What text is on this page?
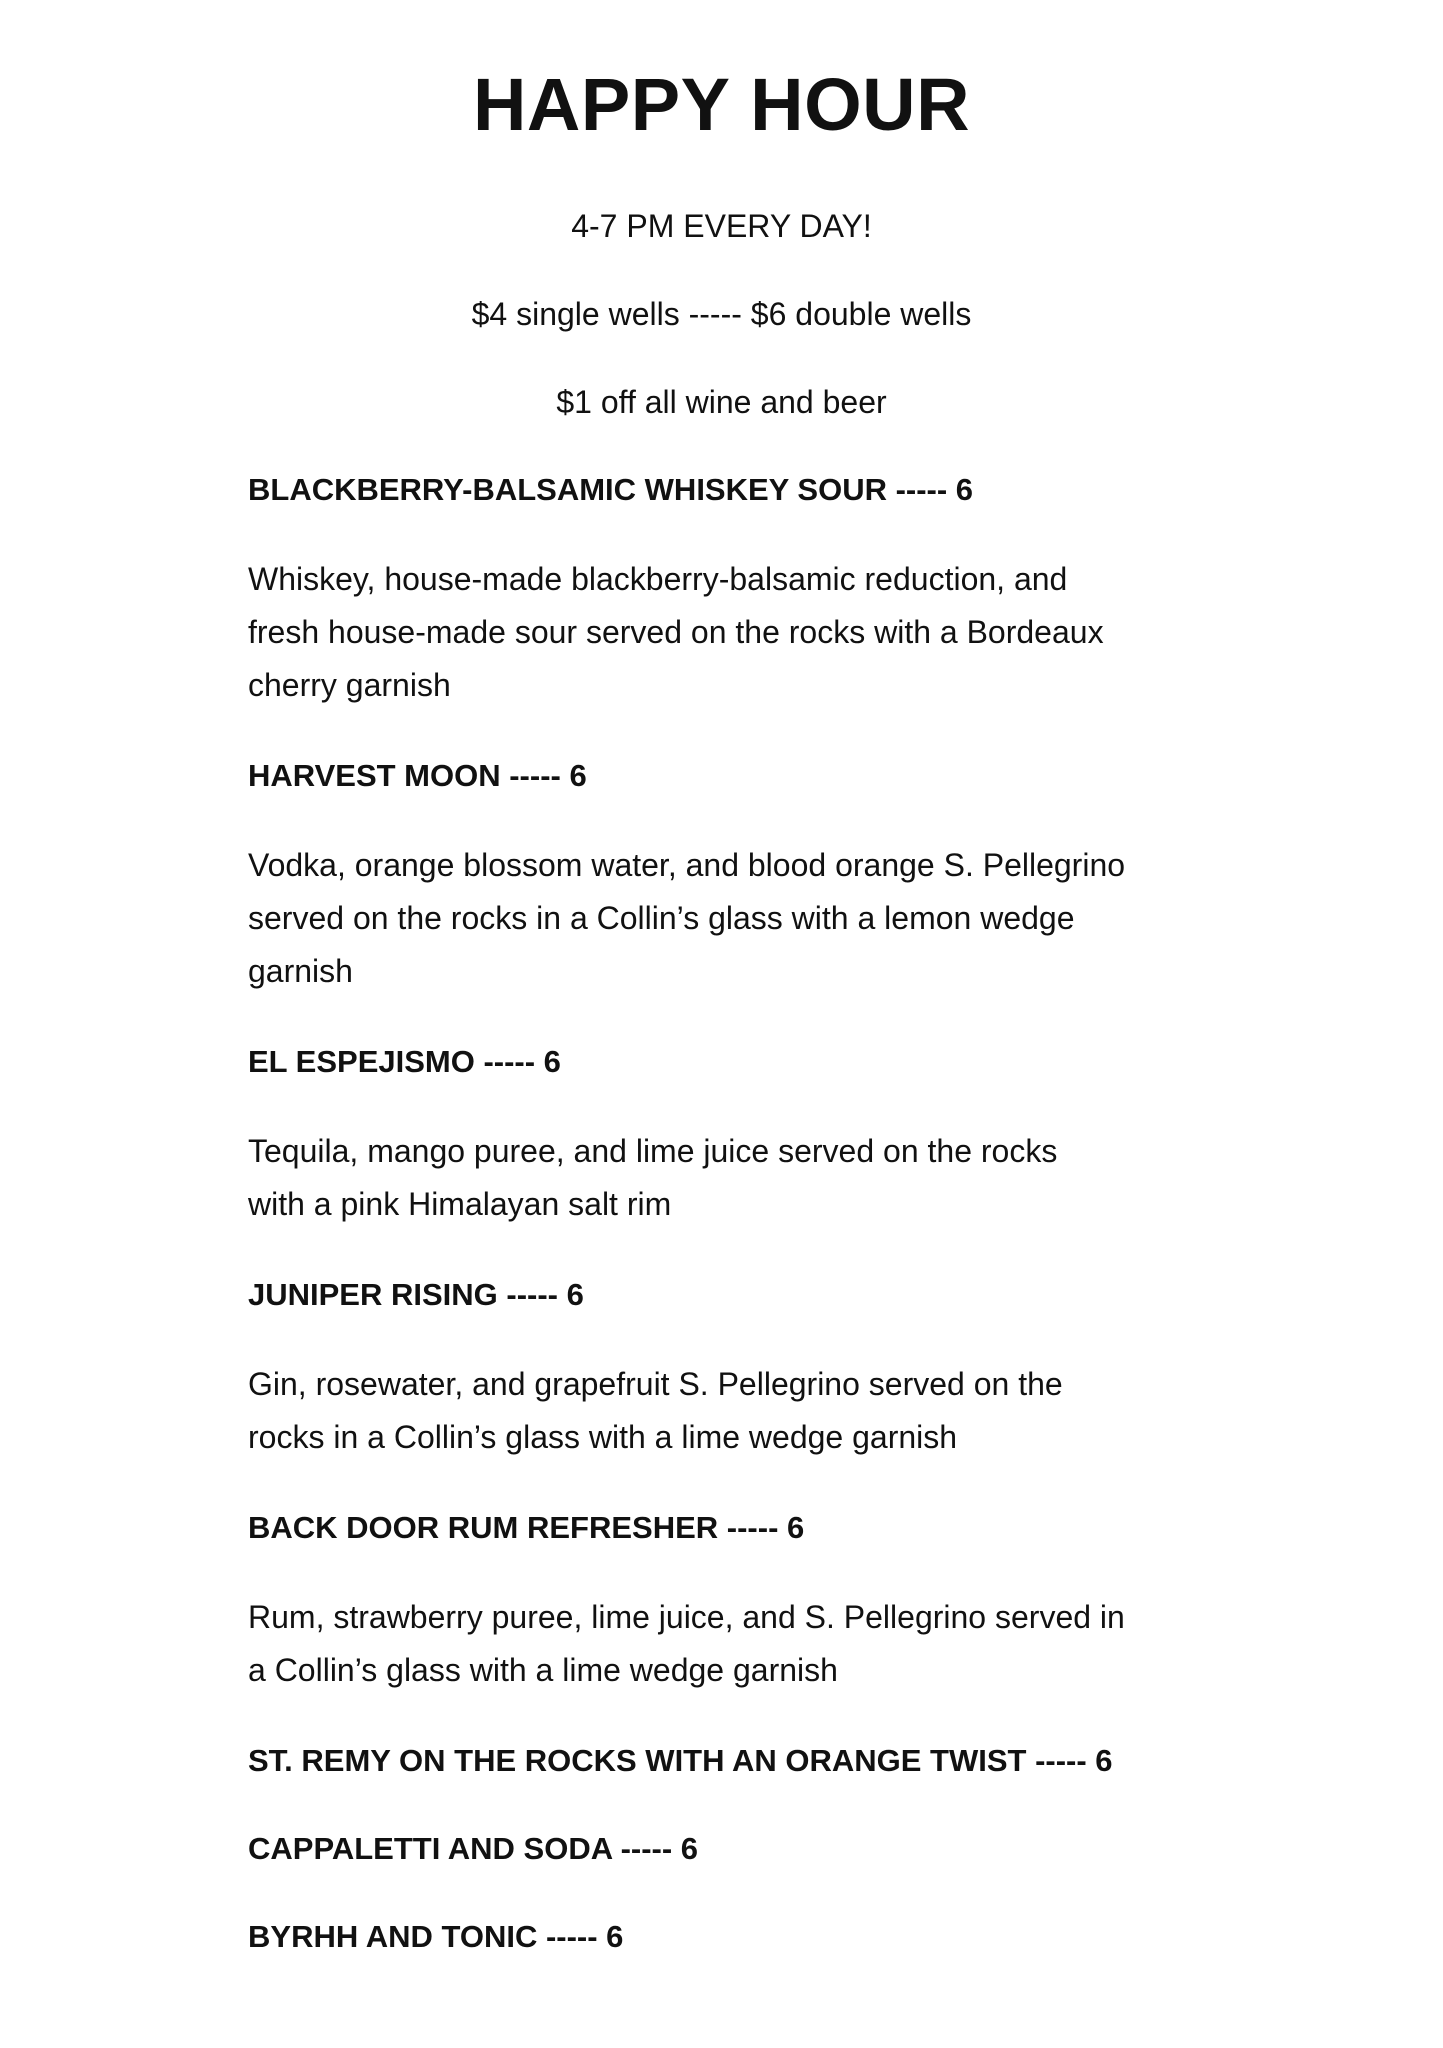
HAPPY HOUR
4-7 PM EVERY DAY!
$4 single wells ----- $6 double wells
$1 off all wine and beer
BLACKBERRY-BALSAMIC WHISKEY SOUR ----- 6
Whiskey, house-made blackberry-balsamic reduction, and
fresh house-made sour served on the rocks with a Bordeaux
cherry garnish
HARVEST MOON ----- 6
Vodka, orange blossom water, and blood orange S. Pellegrino
served on the rocks in a Collin’s glass with a lemon wedge
garnish
EL ESPEJISMO ----- 6
Tequila, mango puree, and lime juice served on the rocks
with a pink Himalayan salt rim
JUNIPER RISING ----- 6
Gin, rosewater, and grapefruit S. Pellegrino served on the
rocks in a Collin’s glass with a lime wedge garnish
BACK DOOR RUM REFRESHER ----- 6
Rum, strawberry puree, lime juice, and S. Pellegrino served in
a Collin’s glass with a lime wedge garnish
ST. REMY ON THE ROCKS WITH AN ORANGE TWIST ----- 6
CAPPALETTI AND SODA ----- 6
BYRHH AND TONIC ----- 6
